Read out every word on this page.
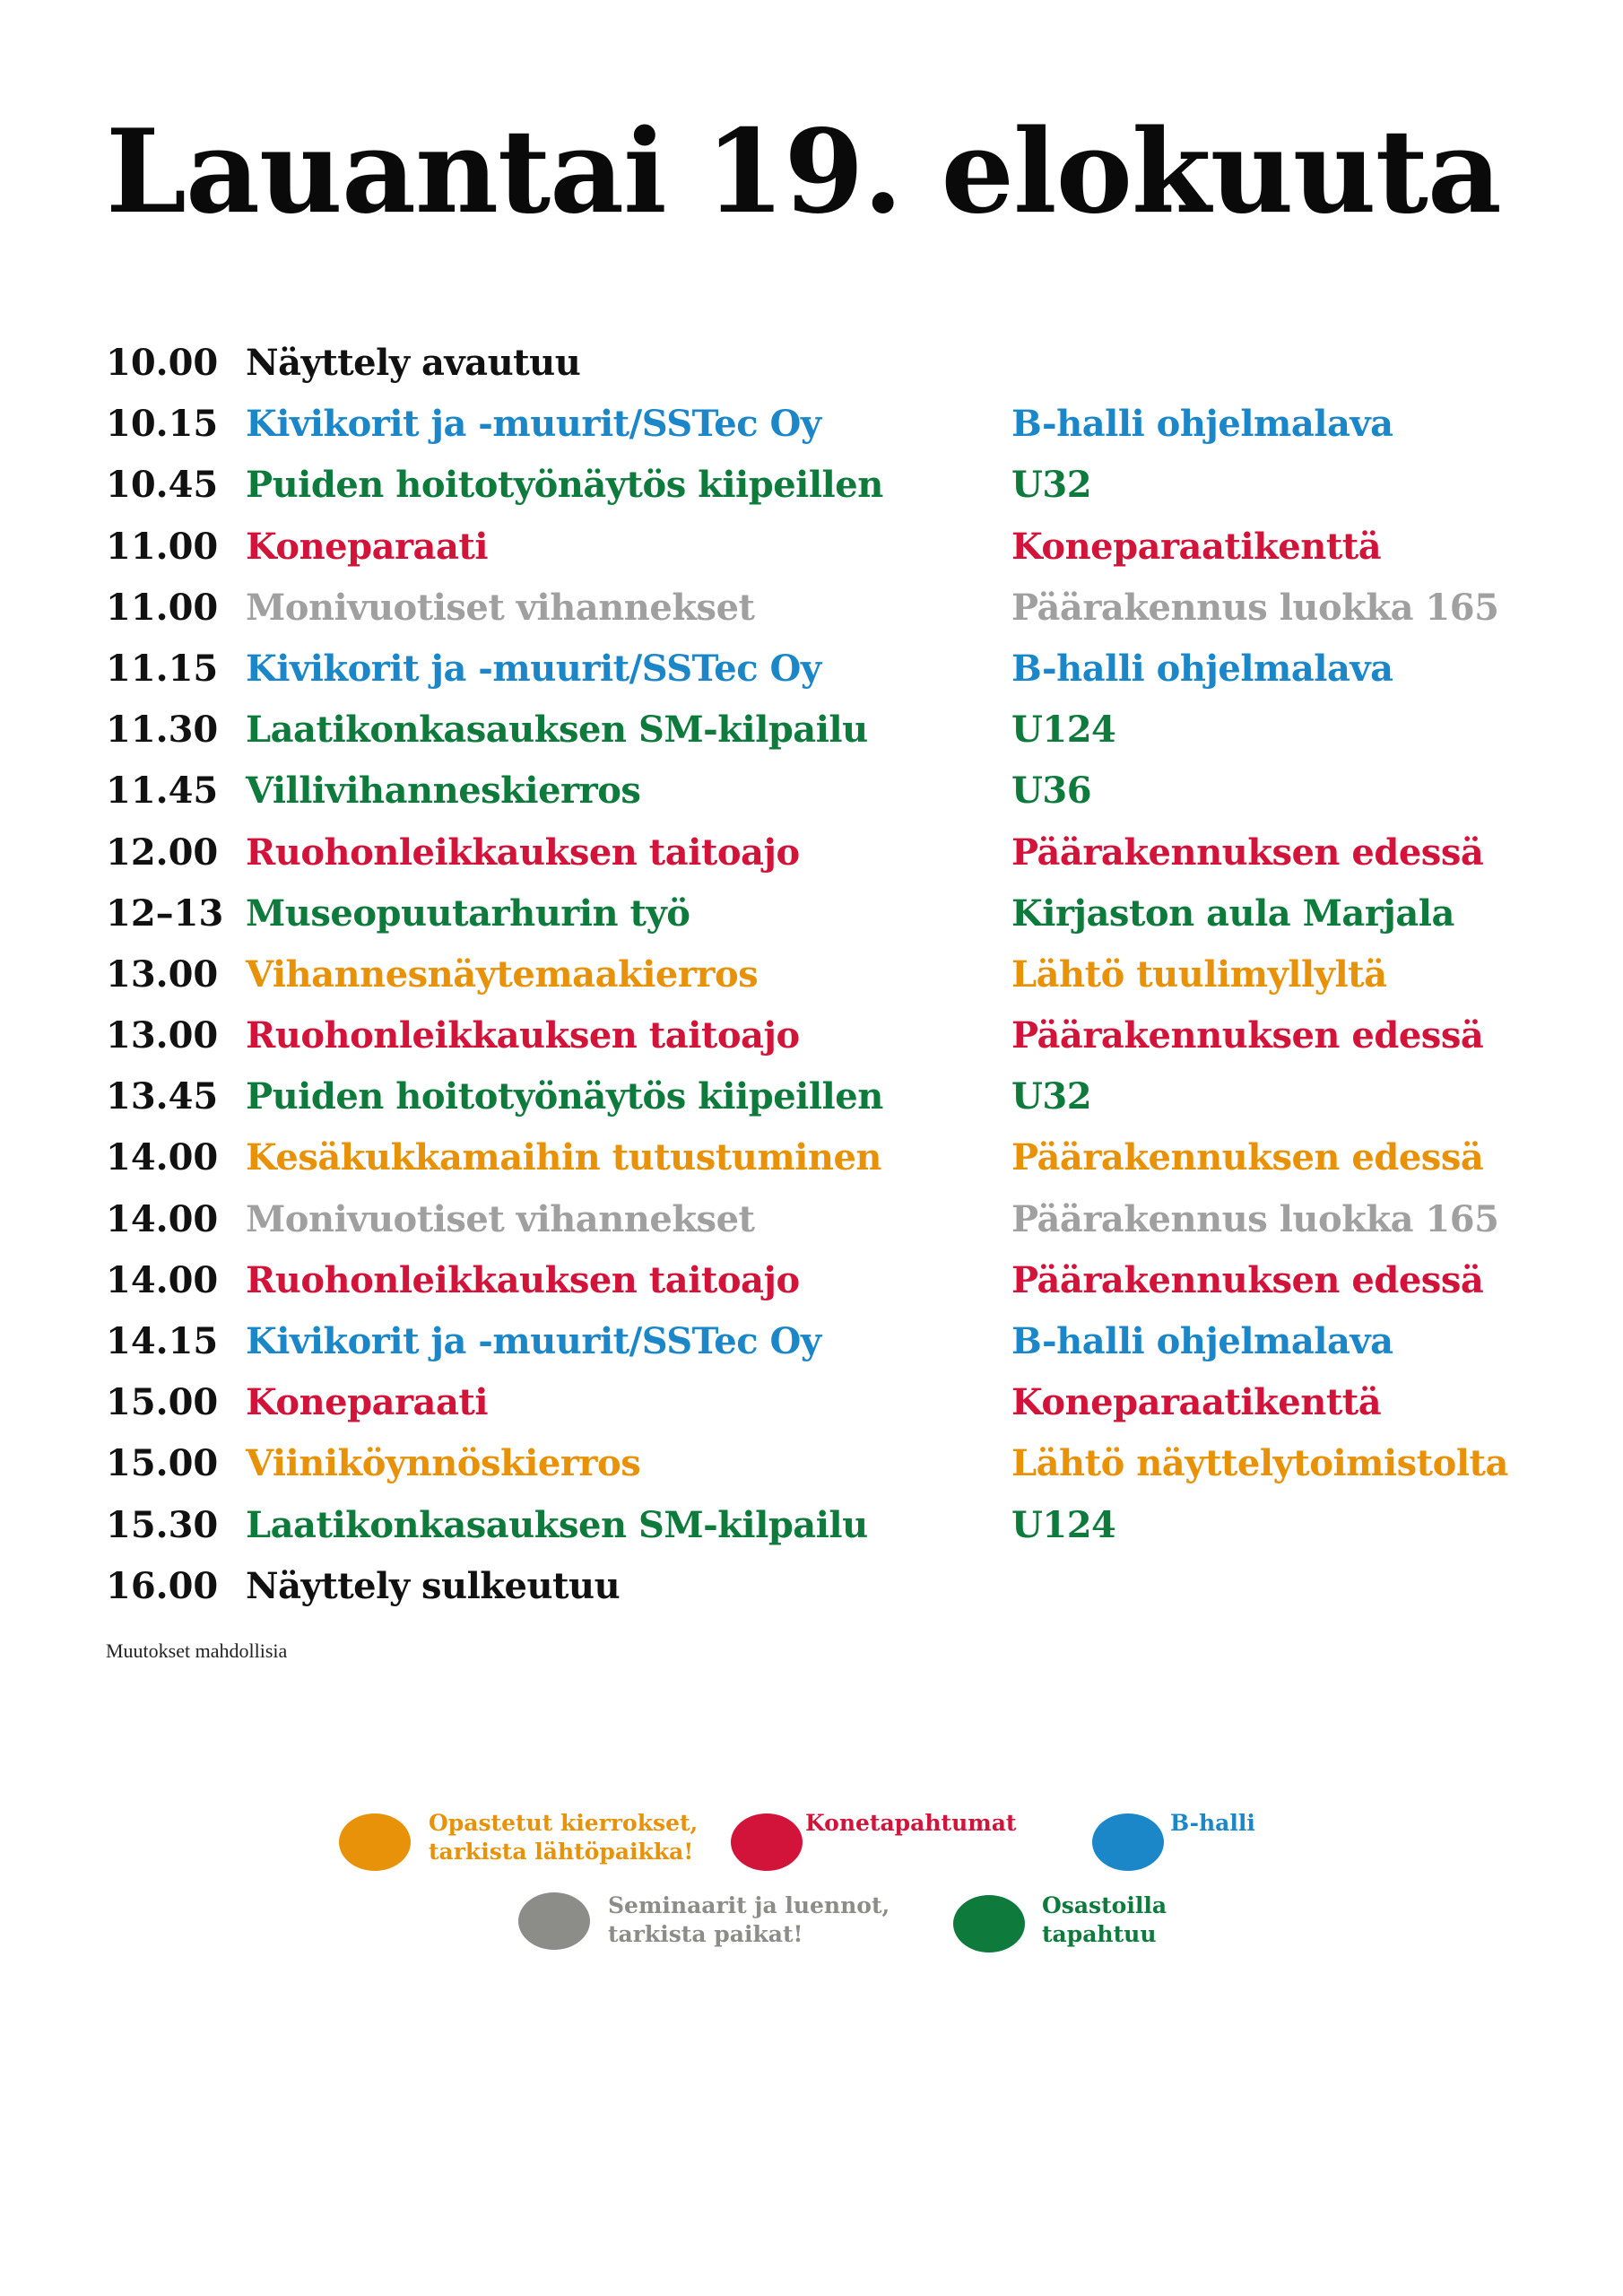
Lauantai 19. elokuuta
10.00 Näyttely avautuu
10.15 Kivikorit ja -muurit/SSTec Oy	B-halli ohjelmalava
10.45 Puiden hoitotyönäytös kiipeillen	U32
11.00 Koneparaati	Koneparaatikenttä
11.00 Monivuotiset vihannekset	Päärakennus luokka 165
11.15 Kivikorit ja -muurit/SSTec Oy	B-halli ohjelmalava
11.30 Laatikonkasauksen SM-kilpailu	U124
11.45 Villivihanneskierros	U36
12.00 Ruohonleikkauksen taitoajo	Päärakennuksen edessä
12–13 Museopuutarhurin työ	Kirjaston aula Marjala
13.00 Vihannesnäytemaakierros	Lähtö tuulimyllyltä
13.00 Ruohonleikkauksen taitoajo	Päärakennuksen edessä
13.45 Puiden hoitotyönäytös kiipeillen	U32
14.00 Kesäkukkamaihin tutustuminen	Päärakennuksen edessä
14.00 Monivuotiset vihannekset	Päärakennus luokka 165
14.00 Ruohonleikkauksen taitoajo	Päärakennuksen edessä
14.15 Kivikorit ja -muurit/SSTec Oy	B-halli ohjelmalava
15.00 Koneparaati	Koneparaatikenttä
15.00 Viiniköynnöskierros	Lähtö näyttelytoimistolta
15.30 Laatikonkasauksen SM-kilpailu	U124
16.00 Näyttely sulkeutuu
Muutokset mahdollisia
Opastetut kierrokset,
tarkista lähtöpaikka!
Konetapahtumat	B-halli
Seminaarit ja luennot,
tarkista paikat!
Osastoilla
tapahtuu
